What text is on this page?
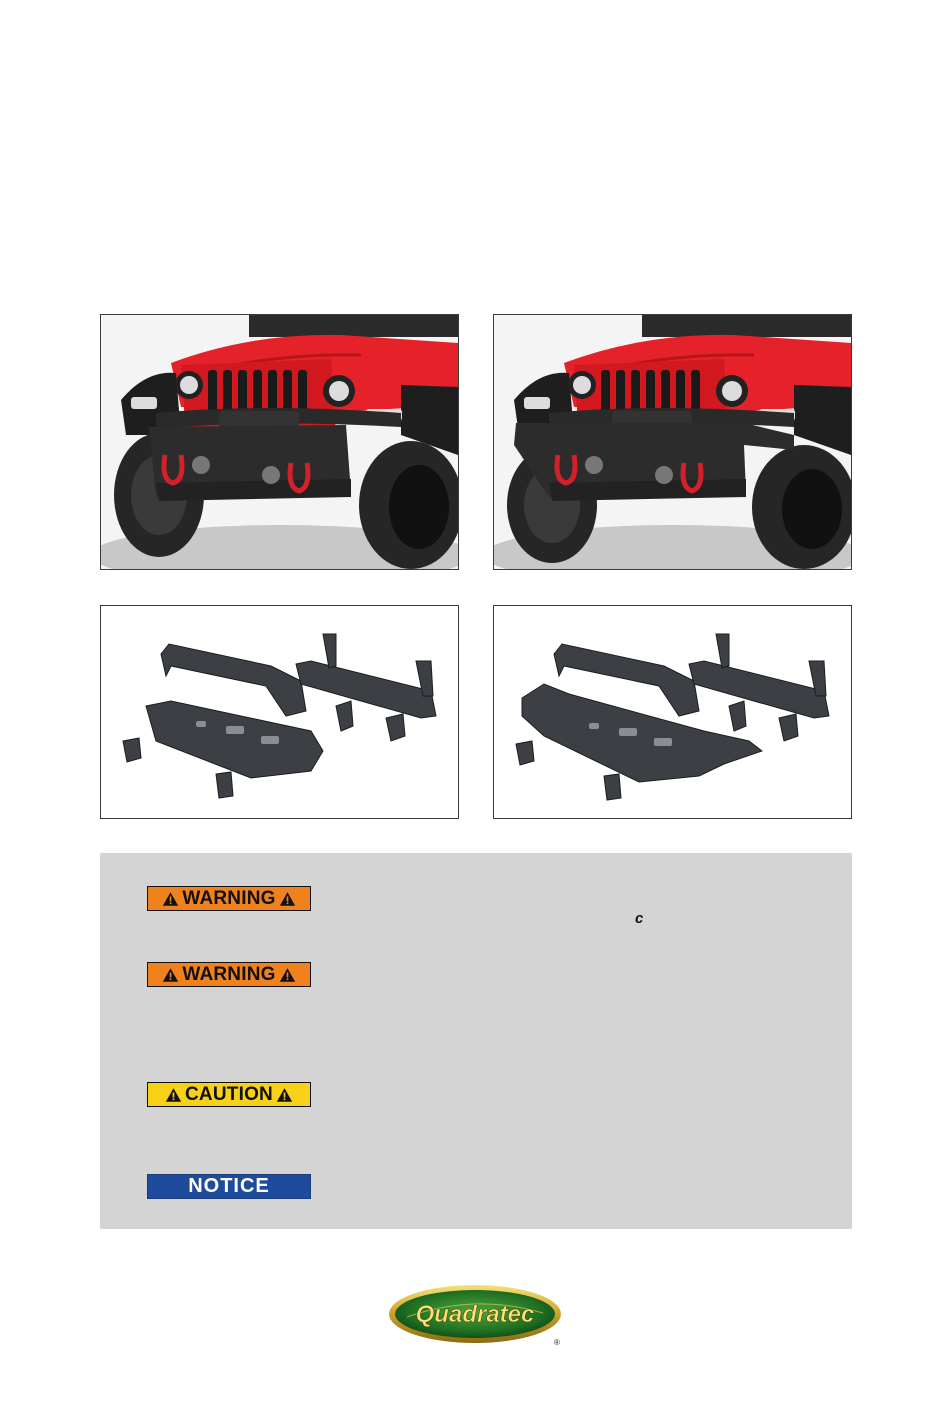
WARNING
WARNING
CAUTION
NOTICE
c
Quadratec
®
